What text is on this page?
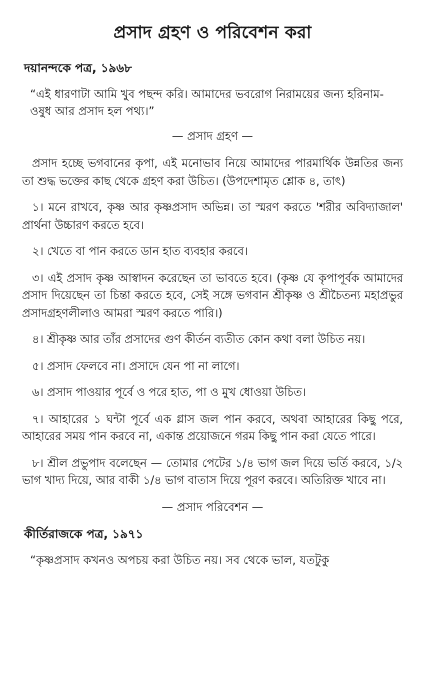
প্রসাদ গ্রহণ ও পরিবেশন করা
দয়ানন্দকে পত্র, ১৯৬৮
“এই ধারণাটা আমি খুব পছন্দ করি। আমাদের ভবরোগ নিরাময়ের জন্য হরিনাম-ওষুধ আর প্রসাদ হল পথ্য।”
— প্রসাদ গ্রহণ —
প্রসাদ হচ্ছে ভগবানের কৃপা, এই মনোভাব নিয়ে আমাদের পারমার্থিক উন্নতির জন্য তা শুদ্ধ ভক্তের কাছ থেকে গ্রহণ করা উচিত। (উপদেশামৃত শ্লোক ৪, তাৎ)
১। মনে রাখবে, কৃষ্ণ আর কৃষ্ণপ্রসাদ অভিন্ন। তা স্মরণ করতে 'শরীর অবিদ্যাজাল' প্রার্থনা উচ্চারণ করতে হবে।
২। খেতে বা পান করতে ডান হাত ব্যবহার করবে।
৩। এই প্রসাদ কৃষ্ণ আস্বাদন করেছেন তা ভাবতে হবে। (কৃষ্ণ যে কৃপাপূর্বক আমাদের প্রসাদ দিয়েছেন তা চিন্তা করতে হবে, সেই সঙ্গে ভগবান শ্রীকৃষ্ণ ও শ্রীচৈতন্য মহাপ্রভুর প্রসাদগ্রহণলীলাও আমরা স্মরণ করতে পারি।)
৪। শ্রীকৃষ্ণ আর তাঁর প্রসাদের গুণ কীর্তন ব্যতীত কোন কথা বলা উচিত নয়।
৫। প্রসাদ ফেলবে না। প্রসাদে যেন পা না লাগে।
৬। প্রসাদ পাওয়ার পূর্বে ও পরে হাত, পা ও মুখ ধোওয়া উচিত।
৭। আহারের ১ ঘন্টা পূর্বে এক গ্লাস জল পান করবে, অথবা আহারের কিছু পরে, আহারের সময় পান করবে না, একান্ত প্রয়োজনে গরম কিছু পান করা যেতে পারে।
৮। শ্রীল প্রভুপাদ বলেছেন — তোমার পেটের ১/৪ ভাগ জল দিয়ে ভর্তি করবে, ১/২ ভাগ খাদ্য দিয়ে, আর বাকী ১/৪ ভাগ বাতাস দিয়ে পূরণ করবে। অতিরিক্ত খাবে না।
— প্রসাদ পরিবেশন —
কীর্তিরাজকে পত্র, ১৯৭১
“কৃষ্ণপ্রসাদ কখনও অপচয় করা উচিত নয়। সব থেকে ভাল, যতটুকু
